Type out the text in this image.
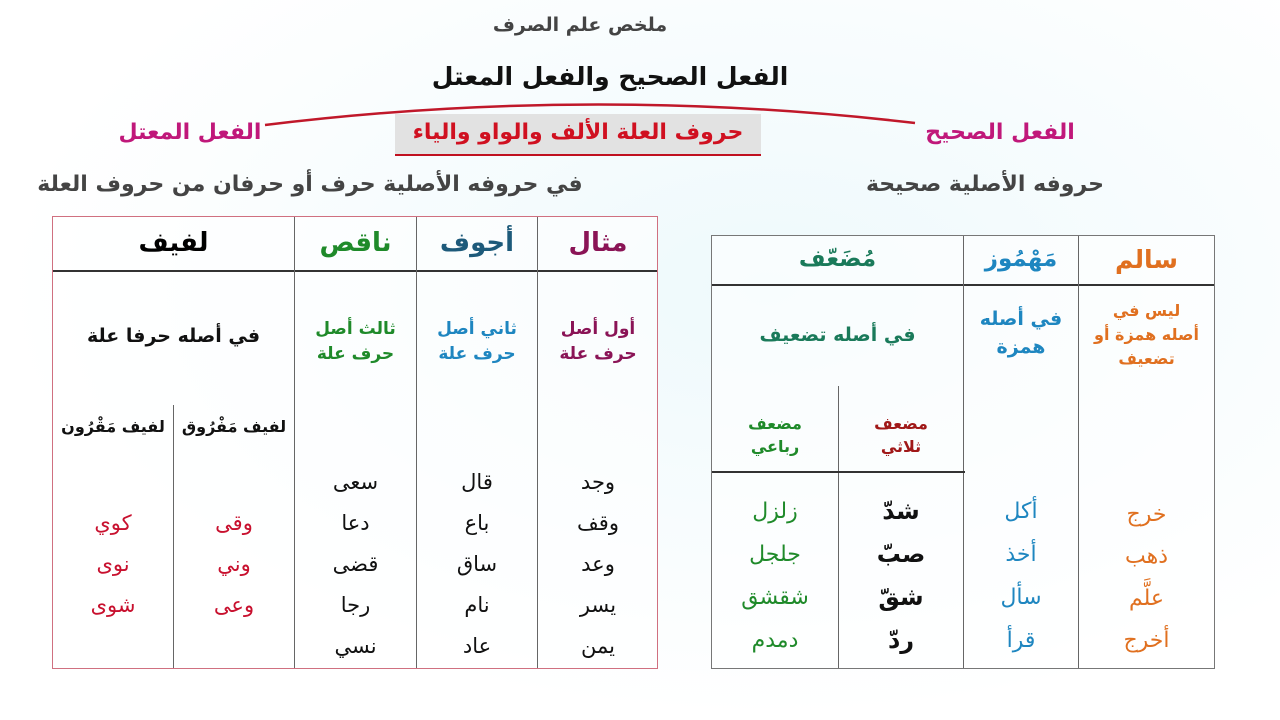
ملخص علم الصرف
الفعل الصحيح والفعل المعتل
حروف العلة الألف والواو والياء	الفعل الصحيح
الفعل المعتل
حروفه الأصلية صحيحة
في حروفه الأصلية حرف أو حرفان من حروف العلة
مثال
أجوف
ناقص
لفيف
أول أصل
حرف علة
ثاني أصل
حرف علة
ثالث أصل
حرف علة
في أصله حرفا علة
لفيف مَفْرُوق
لفيف مَقْرُون
وجد
وقف
وعد
يسر
يمن
قال
باع
ساق
نام
عاد
سعى
دعا
قضى
رجا
نسي
وقى
وني
وعى
كوي
نوى
شوى
سالم
مَهْمُوز
مُضَعّف
ليس في
أصله همزة أو
تضعيف
في أصله
همزة
في أصله تضعيف
مضعف
ثلاثي
مضعف
رباعي
خرج
ذهب
علَّم
أخرج
أكل
أخذ
سأل
قرأ
شدّ
صبّ
شقّ
ردّ
زلزل
جلجل
شقشق
دمدم
